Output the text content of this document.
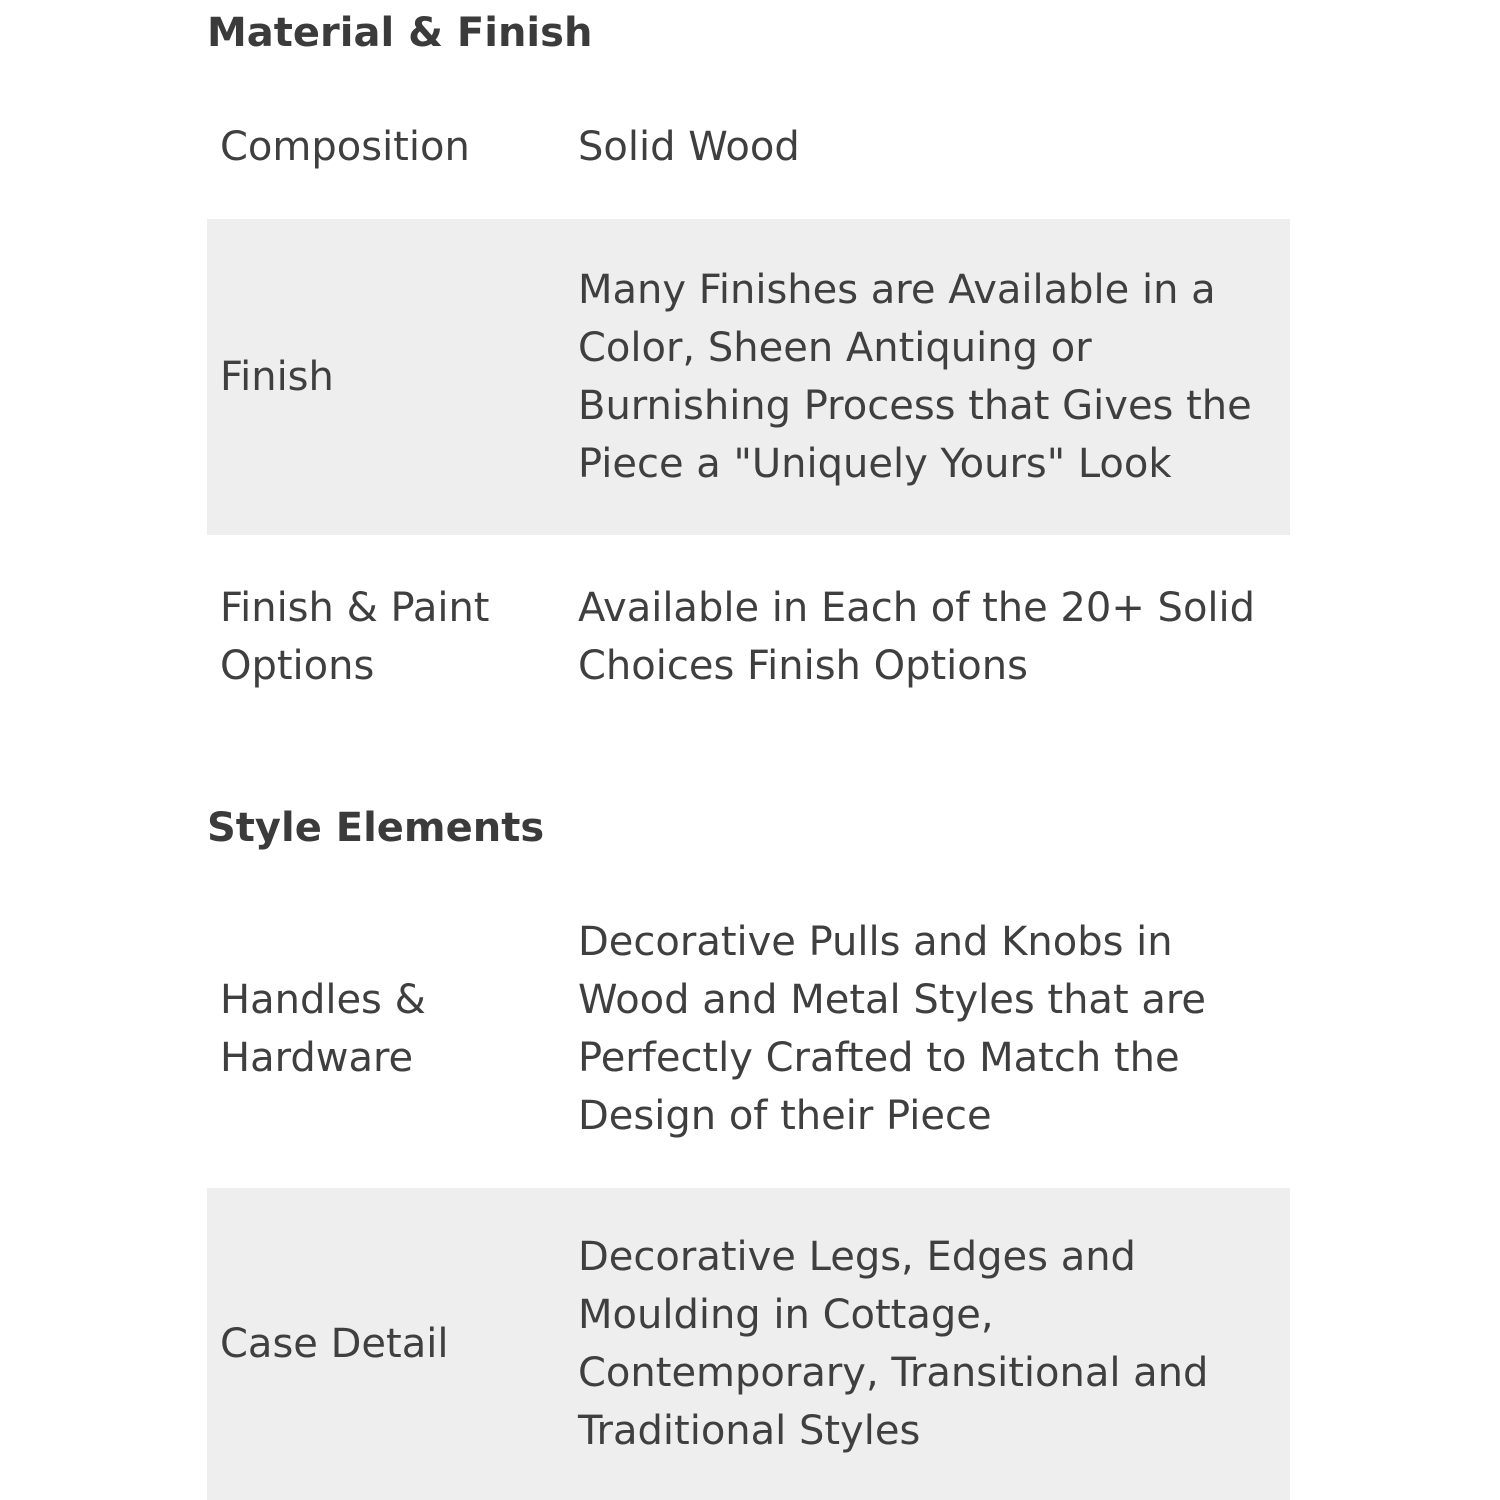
Material & Finish
Composition	Solid Wood
Finish
Many Finishes are Available in a Color, Sheen Antiquing or Burnishing Process that Gives the Piece a "Uniquely Yours" Look
Finish & Paint Options
Available in Each of the 20+ Solid Choices Finish Options
Style Elements
Handles & Hardware
Decorative Pulls and Knobs in Wood and Metal Styles that are Perfectly Crafted to Match the Design of their Piece
Case Detail
Decorative Legs, Edges and Moulding in Cottage, Contemporary, Transitional and Traditional Styles
